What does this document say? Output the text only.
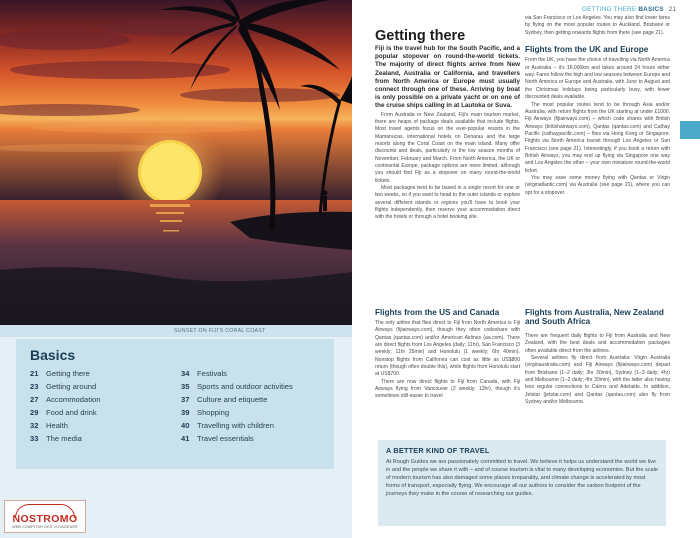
SUNSET ON FIJI'S CORAL COAST
Basics
21 Getting there
23 Getting around
27 Accommodation
29 Food and drink
32 Health
33 The media
34 Festivals
35 Sports and outdoor activities
37 Culture and etiquette
39 Shopping
40 Travelling with children
41 Travel essentials
NOSTROMO
WEB COMPTOIR DES VOYAGEURS
GETTING THERE BASICS 21
Getting there

Fiji is the travel hub for the South Pacific, and a popular stopover on round-the-world tickets. The majority of direct flights arrive from New Zealand, Australia or California, and travellers from North America or Europe must usually connect through one of these. Arriving by boat is only possible on a private yacht or on one of the cruise ships calling in at Lautoka or Suva.

From Australia or New Zealand, Fiji's main tourism market, there are heaps of package deals available that include flights. Most travel agents focus on the ever-popular resorts in the Mamanucas, international hotels on Denarau and the large resorts along the Coral Coast on the main island. Many offer discounts and deals, particularly in the low season months of November, February and March. From North America, the UK or continental Europe, package options are more limited, although you should find Fiji as a stopover on many round-the-world tickets.

Most packages tend to be based in a single resort for one or two weeks, so if you want to head to the outer islands or explore several different islands or regions you'll have to book your flights independently, then reserve your accommodation direct with the hotels or through a hotel booking site.

via San Francisco or Los Angeles. You may also find lower fares by flying on the more popular routes to Auckland, Brisbane or Sydney, then getting onwards flights from there (see page 21).

Flights from the UK and Europe

From the UK, you have the choice of travelling via North America or Australia – it's 16,000km and takes around 24 hours either way. Fares follow the high and low seasons between Europe and North America or Europe and Australia, with June to August and the Christmas holidays being particularly busy, with fewer discounted deals available.

The most popular routes tend to be through Asia and/or Australia, with return flights from the UK starting at under £1000. Fiji Airways (fijiairways.com) – which code shares with British Airways (britishairways.com), Qantas (qantas.com) and Cathay Pacific (cathaypacific.com) – flies via Hong Kong or Singapore. Flights via North America transit through Los Angeles or San Francisco (see page 21). Interestingly, if you book a return with British Airways, you may end up flying via Singapore one way and Los Angeles the other – your own miniature round-the-world ticket.

You may save some money flying with Qantas or Virgin (virginatlantic.com) via Australia (see page 21), where you can opt for a stopover.

Flights from the US and Canada

The only airline that flies direct to Fiji from North America is Fiji Airways (fijiairways.com), though they often codeshare with Qantas (qantas.com) and/or American Airlines (aa.com). There are direct flights from Los Angeles (daily; 11hr), San Francisco (3 weekly; 11hr 25min) and Honolulu (1 weekly; 6hr 40min). Nonstop flights from California can cost as little as US$800 return (though often double this), while flights from Honolulu start at US$700.

There are now direct flights to Fiji from Canada, with Fiji Airways flying from Vancouver (2 weekly; 12hr), though it's sometimes still easier to travel

Flights from Australia, New Zealand and South Africa

There are frequent daily flights to Fiji from Australia and New Zealand, with the best deals and accommodation packages often available direct from the airlines.

Several airlines fly direct from Australia: Virgin Australia (virginaustralia.com) and Fiji Airways (fijiairways.com) depart from Brisbane (1–2 daily; 3hr 30min), Sydney (1–3 daily; 4hr) and Melbourne (1–2 daily; 4hr 30min), with the latter also having less regular connections to Cairns and Adelaide. In addition, Jetstar (jetstar.com) and Qantas (qantas.com) also fly from Sydney and/or Melbourne.

A BETTER KIND OF TRAVEL
At Rough Guides we are passionately committed to travel. We believe it helps us understand the world we live in and the people we share it with – and of course tourism is vital to many developing economies. But the scale of modern tourism has also damaged some places irreparably, and climate change is accelerated by most forms of transport, especially flying. We encourage all our authors to consider the carbon footprint of the journeys they make in the course of researching our guides.
